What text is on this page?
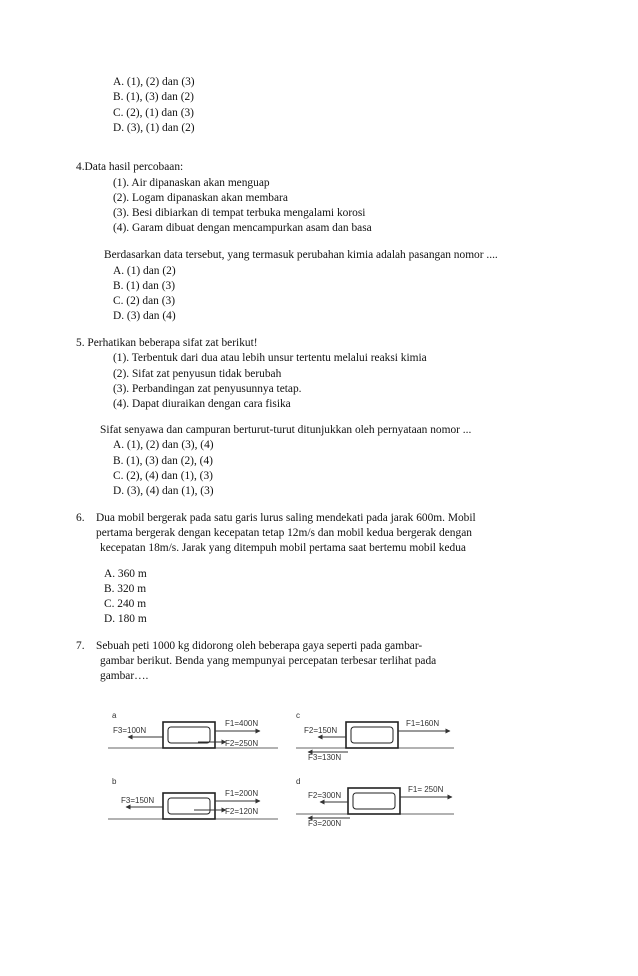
A. (1), (2) dan (3)
B. (1), (3) dan (2)
C. (2), (1) dan (3)
D. (3), (1) dan (2)
4.Data hasil percobaan:
(1). Air dipanaskan akan menguap
(2). Logam dipanaskan akan membara
(3). Besi dibiarkan di tempat terbuka mengalami korosi
(4). Garam dibuat dengan mencampurkan asam dan basa
Berdasarkan data tersebut, yang termasuk perubahan kimia adalah pasangan nomor ....
A. (1) dan (2)
B. (1) dan (3)
C. (2) dan (3)
D. (3) dan (4)
5. Perhatikan beberapa sifat zat berikut!
(1). Terbentuk dari dua atau lebih unsur tertentu melalui reaksi kimia
(2). Sifat zat penyusun tidak berubah
(3). Perbandingan zat penyusunnya tetap.
(4). Dapat diuraikan dengan cara fisika
Sifat senyawa dan campuran berturut-turut ditunjukkan oleh pernyataan nomor ...
A. (1), (2) dan (3), (4)
B. (1), (3) dan (2), (4)
C. (2), (4) dan (1), (3)
D. (3), (4) dan (1), (3)
6. Dua mobil bergerak pada satu garis lurus saling mendekati pada jarak 600m. Mobil
pertama bergerak dengan kecepatan tetap 12m/s dan mobil kedua bergerak dengan
kecepatan 18m/s. Jarak yang ditempuh mobil pertama saat bertemu mobil kedua
A. 360 m
B. 320 m
C. 240 m
D. 180 m
7. Sebuah peti 1000 kg didorong oleh beberapa gaya seperti pada gambar-
gambar berikut. Benda yang mempunyai percepatan terbesar terlihat pada
gambar….
a
F3=100N
F1=400N
F2=250N
c
F2=150N
F1=160N
F3=130N
b
F3=150N
F1=200N
F2=120N
d
F2=300N
F1= 250N
F3=200N
